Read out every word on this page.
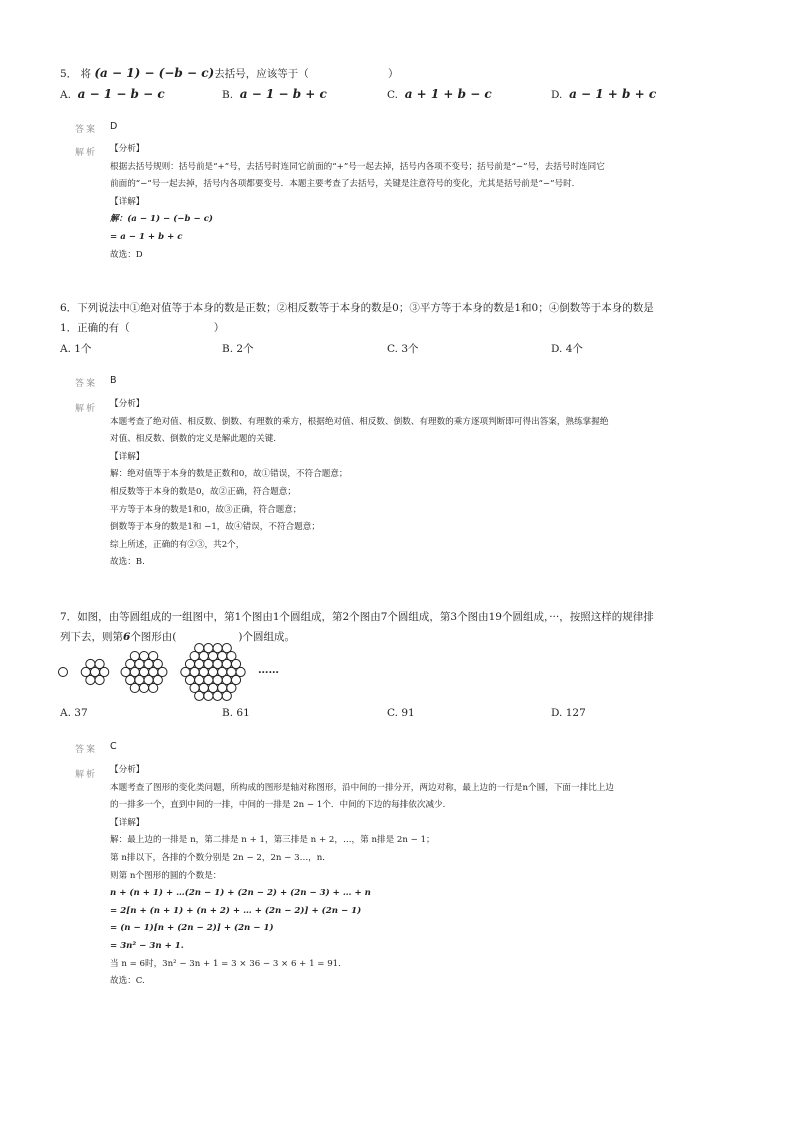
5． 将 (a − 1) − (−b − c)去括号，应该等于（	）
A. a − 1 − b − c	B. a − 1 − b + c	C. a + 1 + b − c	D. a − 1 + b + c
答案 D
解析 【分析】
根据去括号规则：括号前是“+”号，去括号时连同它前面的“+”号一起去掉，括号内各项不变号；括号前是“−”号，去括号时连同它
前面的“−”号一起去掉，括号内各项都要变号．本题主要考查了去括号，关键是注意符号的变化，尤其是括号前是“−”号时.
【详解】
解：(a − 1) − (−b − c)
= a − 1 + b + c
故选：D
6．下列说法中①绝对值等于本身的数是正数；②相反数等于本身的数是0；③平方等于本身的数是1和0；④倒数等于本身的数是
1．正确的有（	）
A. 1个	B. 2个	C. 3个	D. 4个
答案 B
解析 【分析】
本题考查了绝对值、相反数、倒数、有理数的乘方，根据绝对值、相反数、倒数、有理数的乘方逐项判断即可得出答案，熟练掌握绝
对值、相反数、倒数的定义是解此题的关键.
【详解】
解：绝对值等于本身的数是正数和0，故①错误，不符合题意；
相反数等于本身的数是0，故②正确，符合题意；
平方等于本身的数是1和0，故③正确，符合题意；
倒数等于本身的数是1和 −1，故④错误，不符合题意；
综上所述，正确的有②③，共2个，
故选：B.
7．如图，由等圆组成的一组图中，第1个图由1个圆组成，第2个图由7个圆组成，第3个图由19个圆组成，···，按照这样的规律排
列下去，则第6个图形由(	)个圆组成。
……
A. 37	B. 61	C. 91	D. 127
答案 C
解析 【分析】
本题考查了图形的变化类问题，所构成的图形是轴对称图形，沿中间的一排分开，两边对称，最上边的一行是n个圆，下面一排比上边
的一排多一个，直到中间的一排，中间的一排是 2n − 1个．中间的下边的每排依次减少.
【详解】
解：最上边的一排是 n，第二排是 n + 1，第三排是 n + 2，…，第 n排是 2n − 1；
第 n排以下，各排的个数分别是 2n − 2，2n − 3…，n．
则第 n个图形的圆的个数是：
n + (n + 1) + …(2n − 1) + (2n − 2) + (2n − 3) + … + n
= 2[n + (n + 1) + (n + 2) + … + (2n − 2)] + (2n − 1)
= (n − 1)[n + (2n − 2)] + (2n − 1)
= 3n² − 3n + 1.
当 n = 6时，3n² − 3n + 1 = 3 × 36 − 3 × 6 + 1 = 91.
故选：C.
